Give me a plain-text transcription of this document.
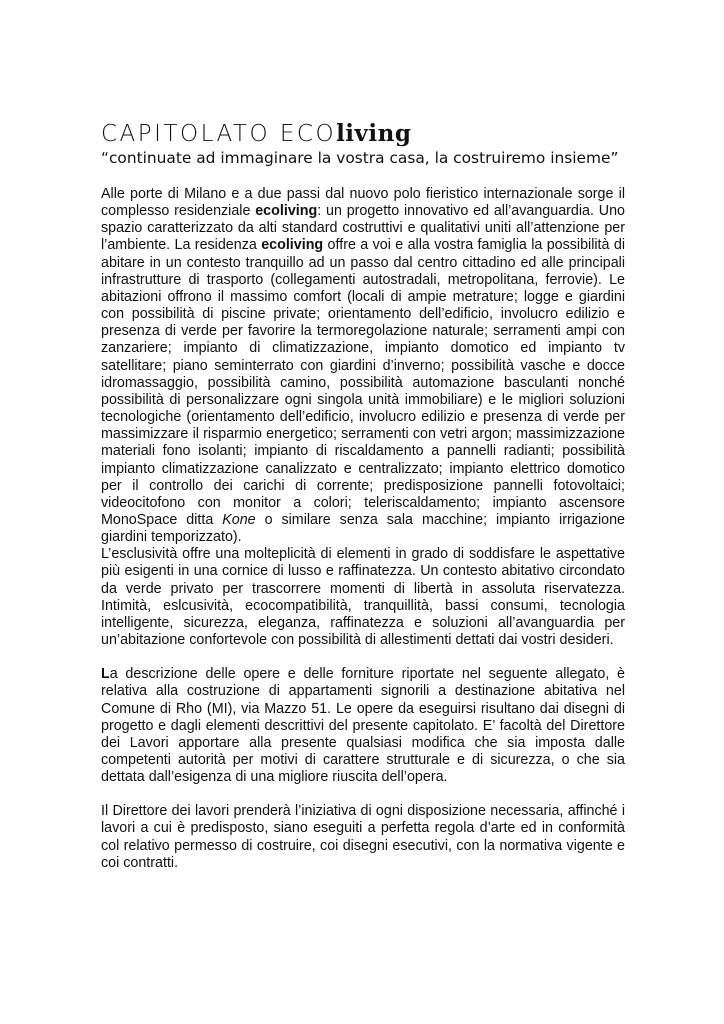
CAPITOLATO ECOliving

“continuate ad immaginare la vostra casa, la costruiremo insieme”

Alle porte di Milano e a due passi dal nuovo polo fieristico internazionale sorge il complesso residenziale ecoliving: un progetto innovativo ed all’avanguardia. Uno spazio caratterizzato da alti standard costruttivi e qualitativi uniti all’attenzione per l’ambiente. La residenza ecoliving offre a voi e alla vostra famiglia la possibilità di abitare in un contesto tranquillo ad un passo dal centro cittadino ed alle principali infrastrutture di trasporto (collegamenti autostradali, metropolitana, ferrovie). Le abitazioni offrono il massimo comfort (locali di ampie metrature; logge e giardini con possibilità di piscine private; orientamento dell’edificio, involucro edilizio e presenza di verde per favorire la termoregolazione naturale; serramenti ampi con zanzariere; impianto di climatizzazione, impianto domotico ed impianto tv satellitare; piano seminterrato con giardini d’inverno; possibilità vasche e docce idromassaggio, possibilità camino, possibilità automazione basculanti nonché possibilità di personalizzare ogni singola unità immobiliare) e le migliori soluzioni tecnologiche (orientamento dell’edificio, involucro edilizio e presenza di verde per massimizzare il risparmio energetico; serramenti con vetri argon; massimizzazione materiali fono isolanti; impianto di riscaldamento a pannelli radianti; possibilità impianto climatizzazione canalizzato e centralizzato; impianto elettrico domotico per il controllo dei carichi di corrente; predisposizione pannelli fotovoltaici; videocitofono con monitor a colori; teleriscaldamento; impianto ascensore MonoSpace ditta Kone o similare senza sala macchine; impianto irrigazione giardini temporizzato).

L’esclusività offre una molteplicità di elementi in grado di soddisfare le aspettative più esigenti in una cornice di lusso e raffinatezza. Un contesto abitativo circondato da verde privato per trascorrere momenti di libertà in assoluta riservatezza. Intimità, eslcusività, ecocompatibilità, tranquillità, bassi consumi, tecnologia intelligente, sicurezza, eleganza, raffinatezza e soluzioni all’avanguardia per un’abitazione confortevole con possibilità di allestimenti dettati dai vostri desideri.

La descrizione delle opere e delle forniture riportate nel seguente allegato, è relativa alla costruzione di appartamenti signorili a destinazione abitativa nel Comune di Rho (MI), via Mazzo 51. Le opere da eseguirsi risultano dai disegni di progetto e dagli elementi descrittivi del presente capitolato. E’ facoltà del Direttore dei Lavori apportare alla presente qualsiasi modifica che sia imposta dalle competenti autorità per motivi di carattere strutturale e di sicurezza, o che sia dettata dall’esigenza di una migliore riuscita dell’opera.

Il Direttore dei lavori prenderà l’iniziativa di ogni disposizione necessaria, affinché i lavori a cui è predisposto, siano eseguiti a perfetta regola d’arte ed in conformità col relativo permesso di costruire, coi disegni esecutivi, con la normativa vigente e coi contratti.
